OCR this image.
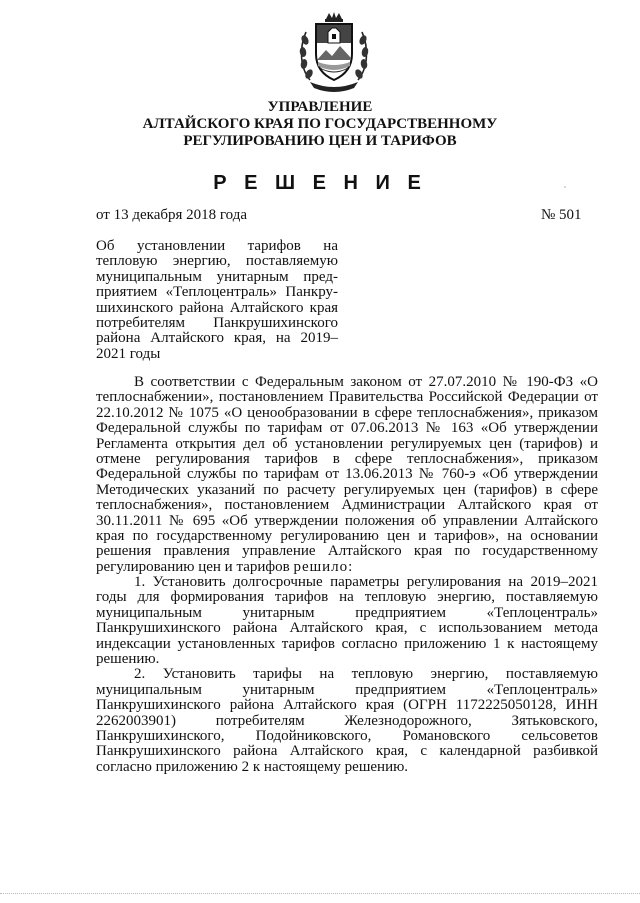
УПРАВЛЕНИЕ
АЛТАЙСКОГО КРАЯ ПО ГОСУДАРСТВЕННОМУ
РЕГУЛИРОВАНИЮ ЦЕН И ТАРИФОВ
Р Е Ш Е Н И Е
от 13 декабря 2018 года	№ 501
Об установлении тарифов на
тепловую энергию, поставляемую
муниципальным унитарным пред-
приятием «Теплоцентраль» Панкру-
шихинского района Алтайского края
потребителям Панкрушихинского
района Алтайского края, на 2019–
2021 годы
В соответствии с Федеральным законом от 27.07.2010 № 190-ФЗ «О
теплоснабжении», постановлением Правительства Российской Федерации от
22.10.2012 № 1075 «О ценообразовании в сфере теплоснабжения», приказом
Федеральной службы по тарифам от 07.06.2013 № 163 «Об утверждении
Регламента открытия дел об установлении регулируемых цен (тарифов) и
отмене регулирования тарифов в сфере теплоснабжения», приказом
Федеральной службы по тарифам от 13.06.2013 № 760-э «Об утверждении
Методических указаний по расчету регулируемых цен (тарифов) в сфере
теплоснабжения», постановлением Администрации Алтайского края от
30.11.2011 № 695 «Об утверждении положения об управлении Алтайского
края по государственному регулированию цен и тарифов», на основании
решения правления управление Алтайского края по государственному
регулированию цен и тарифов решило:
1. Установить долгосрочные параметры регулирования на 2019–2021
годы для формирования тарифов на тепловую энергию, поставляемую
муниципальным унитарным предприятием «Теплоцентраль»
Панкрушихинского района Алтайского края, с использованием метода
индексации установленных тарифов согласно приложению 1 к настоящему
решению.
2. Установить тарифы на тепловую энергию, поставляемую
муниципальным унитарным предприятием «Теплоцентраль»
Панкрушихинского района Алтайского края (ОГРН 1172225050128, ИНН
2262003901) потребителям Железнодорожного, Зятьковского,
Панкрушихинского, Подойниковского, Романовского сельсоветов
Панкрушихинского района Алтайского края, с календарной разбивкой
согласно приложению 2 к настоящему решению.
